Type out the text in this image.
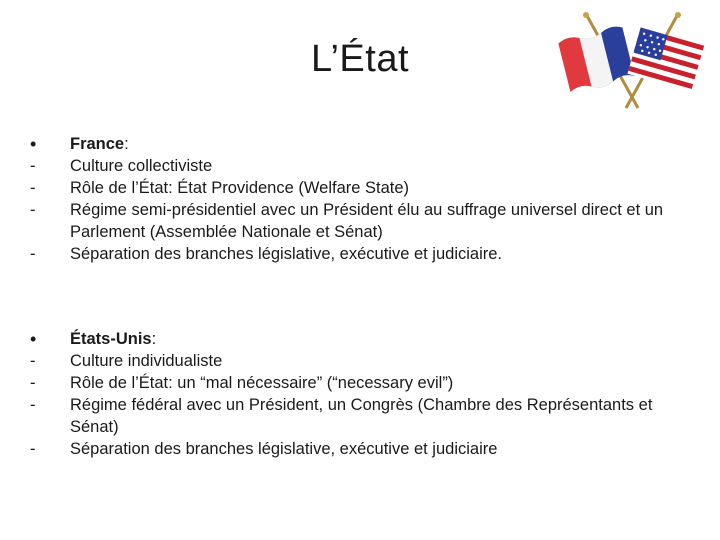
L’État
•	France:
-	Culture collectiviste
-	Rôle de l’État: État Providence (Welfare State)
-	Régime semi-présidentiel avec un Président élu au suffrage universel direct et un Parlement (Assemblée Nationale et Sénat)
-	Séparation des branches législative, exécutive et judiciaire.
•	États-Unis:
-	Culture individualiste
-	Rôle de l’État: un “mal nécessaire” (“necessary evil”)
-	Régime fédéral avec un Président, un Congrès (Chambre des Représentants et Sénat)
-	Séparation des branches législative, exécutive et judiciaire
